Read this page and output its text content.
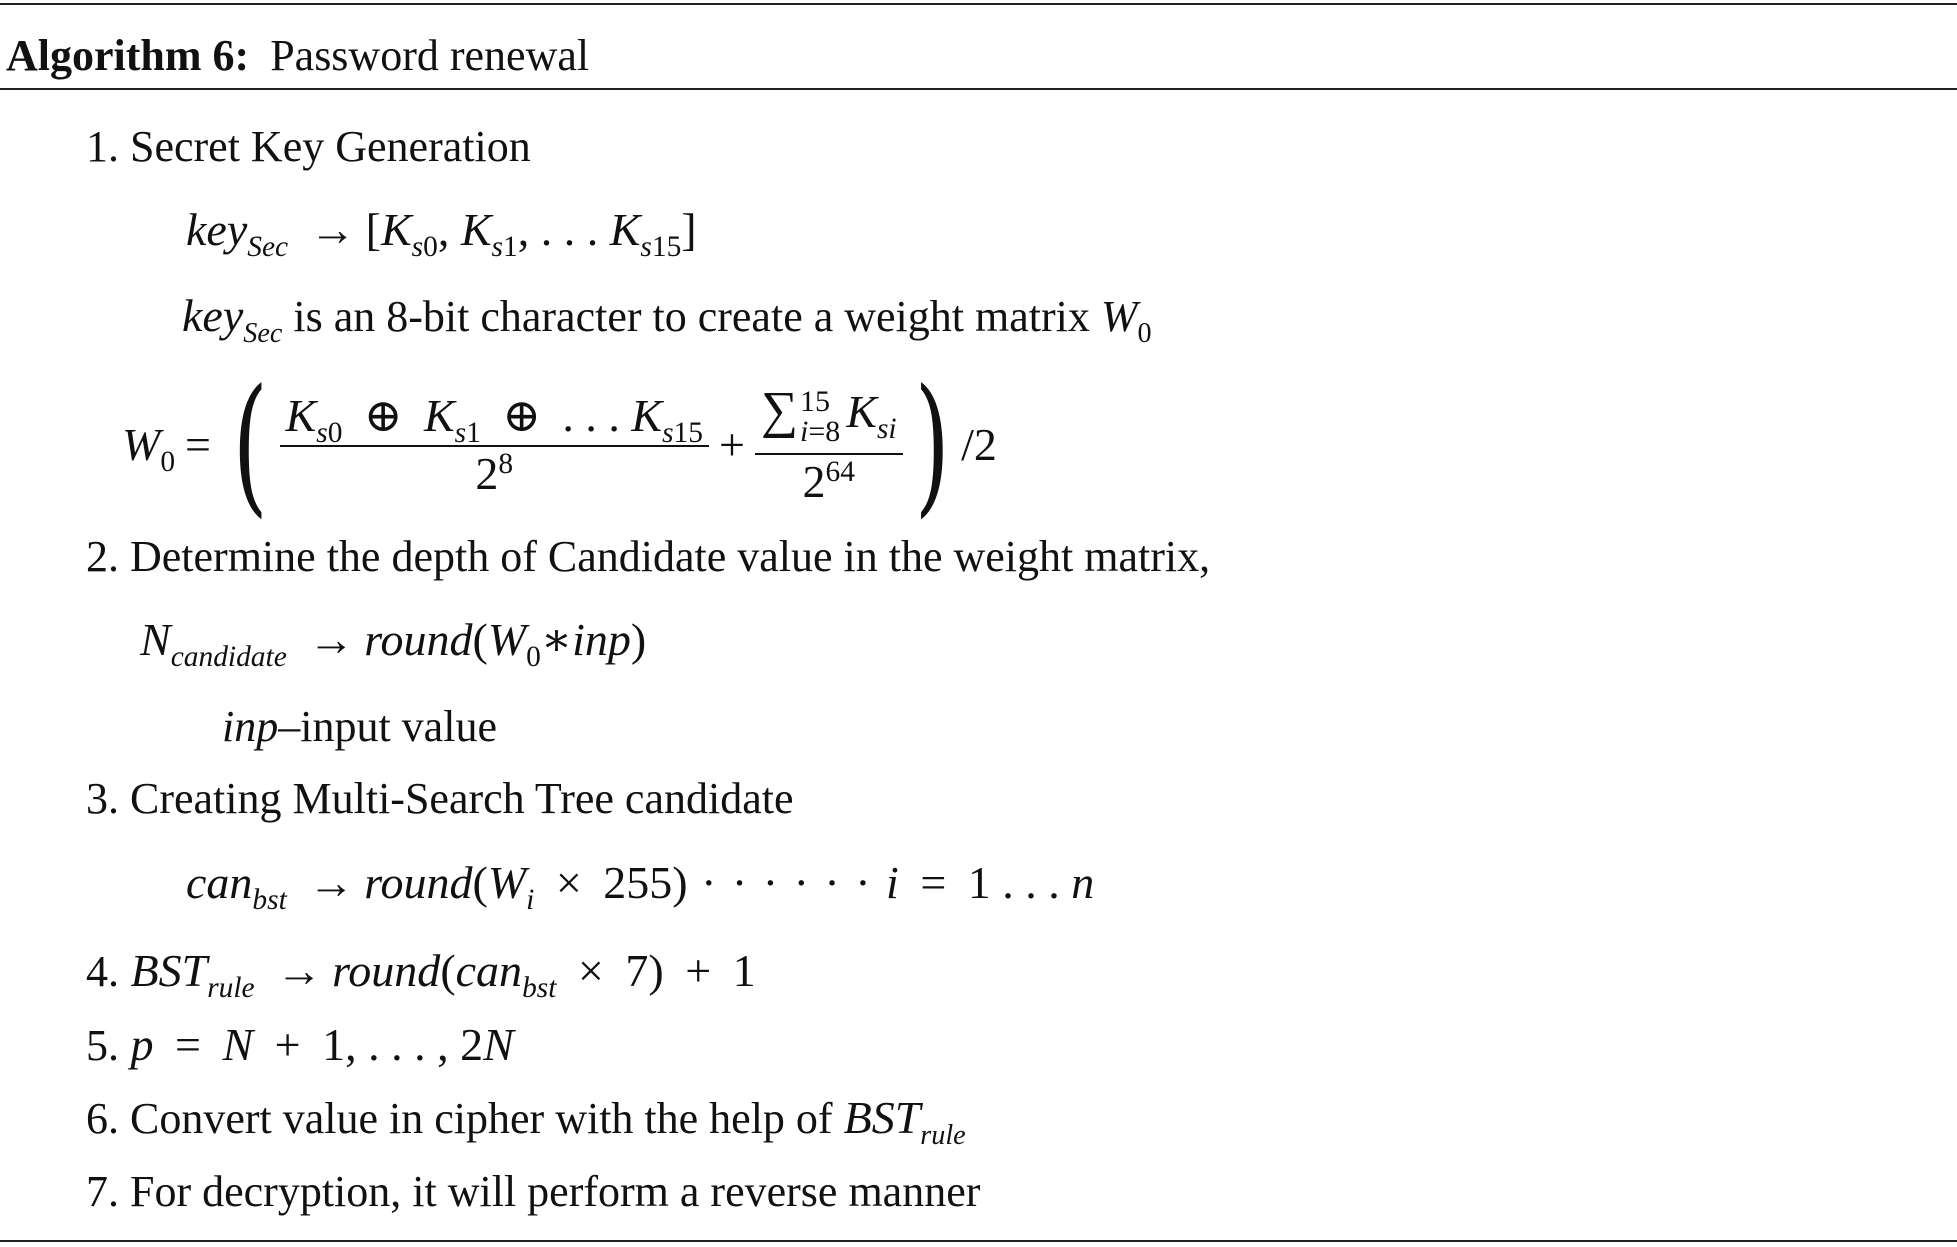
Algorithm 6: Password renewal
1. Secret Key Generation
$key_{Sec} \to [K_{s0}$, $K_{s1}$, . . . $K_{s15}$]
key$_{Sec}$ is an 8-bit character to create a weight matrix $W_0$
$W_0$ = ( $\frac{K_{s0} \oplus K_{s1} \oplus . . . K_{s15}}{2^8}$ + ∑ 15
i=8 $K_{si}$
$2^{64}$ ) /2
2. Determine the depth of Candidate value in the weight matrix,
$N_{candidate}$ → $round(W_0∗inp)$
inp–input value
3. Creating Multi-Search Tree candidate
$can_{bst} \to round(W_i \times 255)$ · · · · · · i = 1 . . . n
4. $BST_{rule}$ → round(can$_{bst}$ × 7) + 1
5. p = N + 1, . . . , 2N
6. Convert value in cipher with the help of $BST_{rule}$
7. For decryption, it will perform a reverse manner
